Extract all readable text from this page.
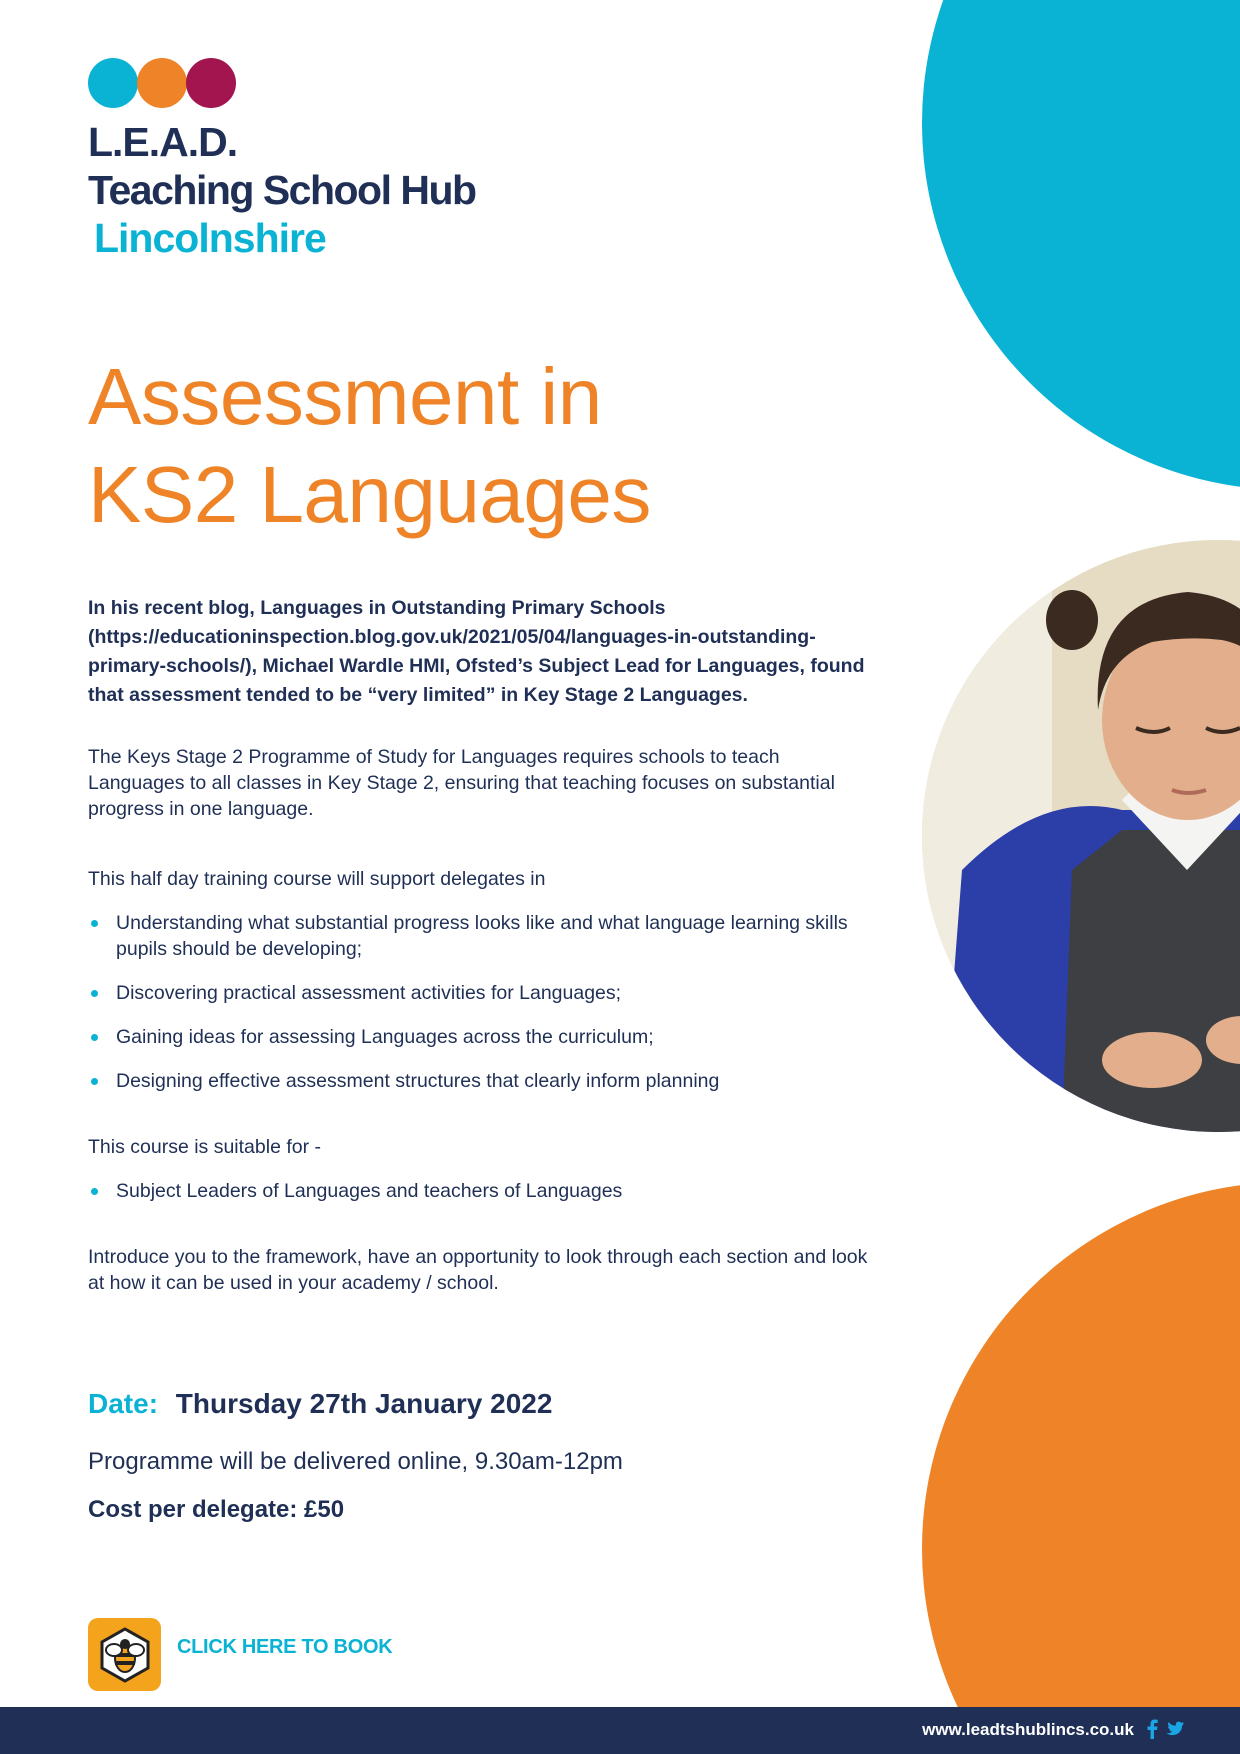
L.E.A.D.
Teaching School Hub
Lincolnshire
Assessment in
KS2 Languages

In his recent blog, Languages in Outstanding Primary Schools (https://educationinspection.blog.gov.uk/2021/05/04/languages-in-outstanding-primary-schools/), Michael Wardle HMI, Ofsted’s Subject Lead for Languages, found that assessment tended to be “very limited” in Key Stage 2 Languages.

The Keys Stage 2 Programme of Study for Languages requires schools to teach Languages to all classes in Key Stage 2, ensuring that teaching focuses on substantial progress in one language.

This half day training course will support delegates in

Understanding what substantial progress looks like and what language learning skills pupils should be developing;
Discovering practical assessment activities for Languages;
Gaining ideas for assessing Languages across the curriculum;
Designing effective assessment structures that clearly inform planning

This course is suitable for -

Subject Leaders of Languages and teachers of Languages

Introduce you to the framework, have an opportunity to look through each section and look at how it can be used in your academy / school.

Date: Thursday 27th January 2022
Programme will be delivered online, 9.30am-12pm
Cost per delegate: £50
CLICK HERE TO BOOK
www.leadtshublincs.co.uk
